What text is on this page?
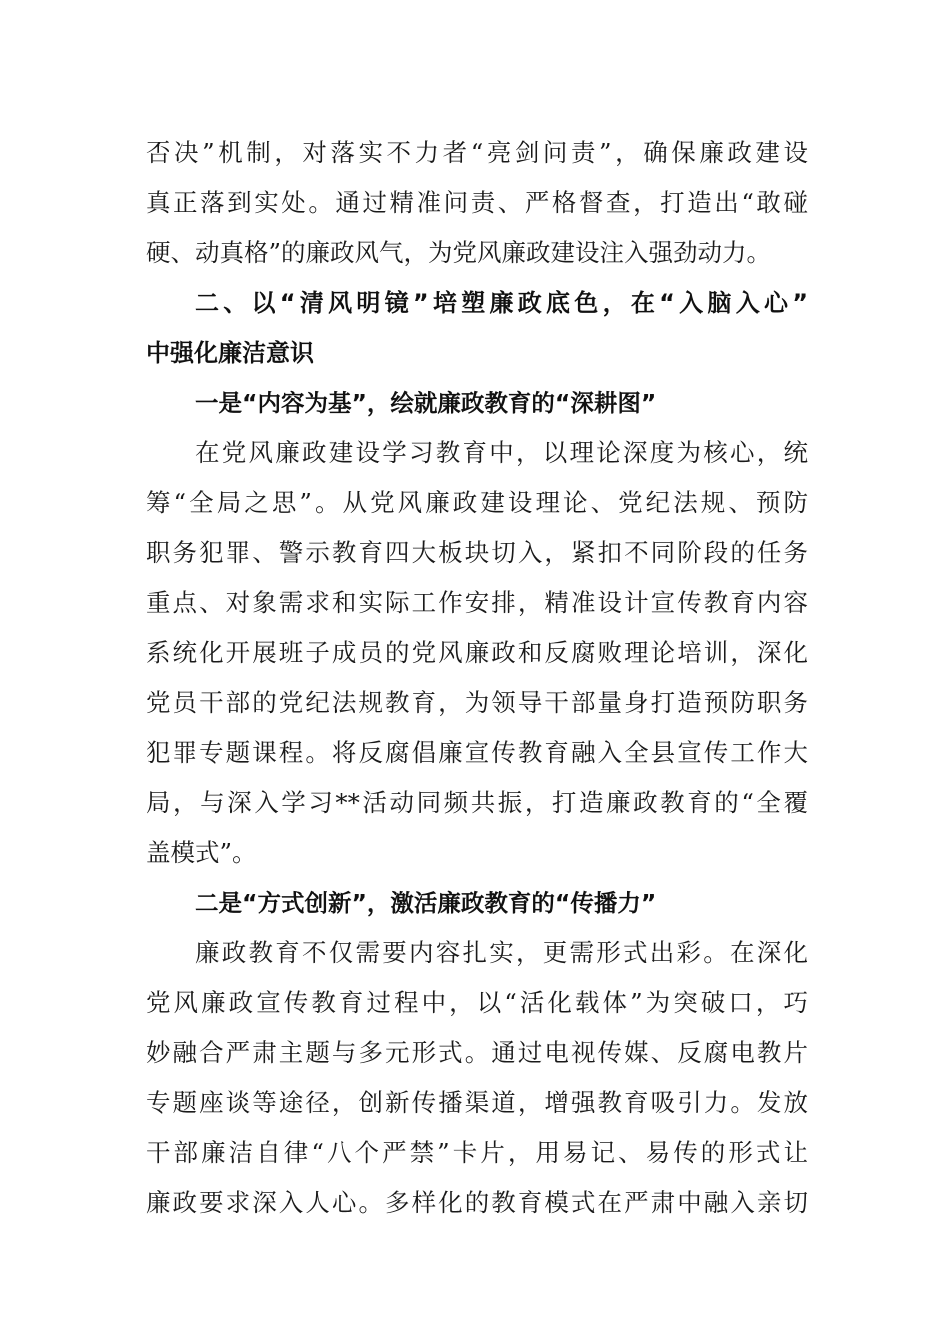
否决”机制，对落实不力者“亮剑问责”，确保廉政建设
真正落到实处。通过精准问责、严格督查，打造出“敢碰
硬、动真格”的廉政风气，为党风廉政建设注入强劲动力。
二、以“清风明镜”培塑廉政底色，在“入脑入心”
中强化廉洁意识
一是“内容为基”，绘就廉政教育的“深耕图”
在党风廉政建设学习教育中，以理论深度为核心，统
筹“全局之思”。从党风廉政建设理论、党纪法规、预防
职务犯罪、警示教育四大板块切入，紧扣不同阶段的任务
重点、对象需求和实际工作安排，精准设计宣传教育内容
系统化开展班子成员的党风廉政和反腐败理论培训，深化
党员干部的党纪法规教育，为领导干部量身打造预防职务
犯罪专题课程。将反腐倡廉宣传教育融入全县宣传工作大
局，与深入学习**活动同频共振，打造廉政教育的“全覆
盖模式”。
二是“方式创新”，激活廉政教育的“传播力”
廉政教育不仅需要内容扎实，更需形式出彩。在深化
党风廉政宣传教育过程中，以“活化载体”为突破口，巧
妙融合严肃主题与多元形式。通过电视传媒、反腐电教片
专题座谈等途径，创新传播渠道，增强教育吸引力。发放
干部廉洁自律“八个严禁”卡片，用易记、易传的形式让
廉政要求深入人心。多样化的教育模式在严肃中融入亲切
